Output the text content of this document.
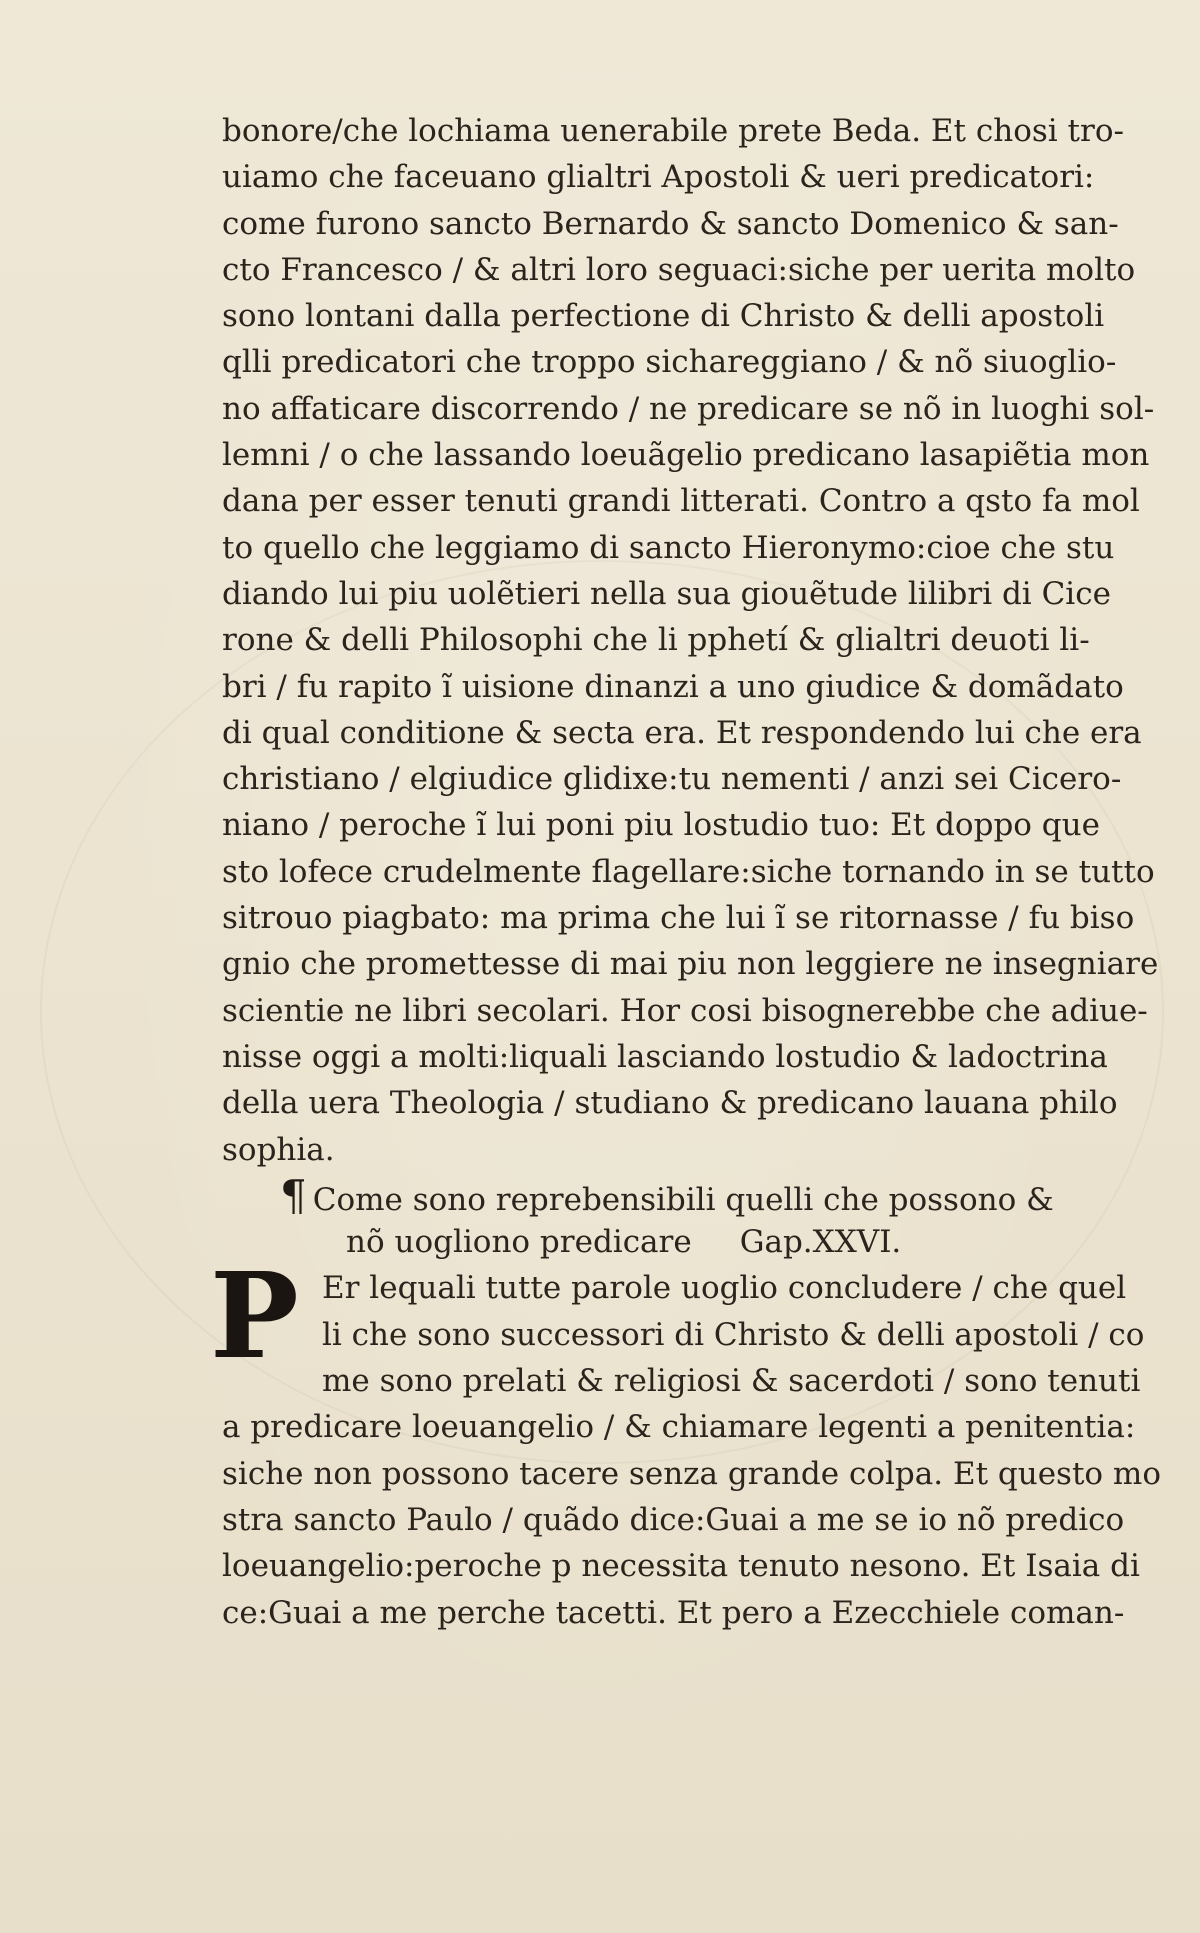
bonore/che lochiama uenerabile prete Beda. Et chosi tro-
uiamo che faceuano glialtri Apostoli & ueri predicatori:
come furono sancto Bernardo & sancto Domenico & san-
cto Francesco / & altri loro seguaci:siche per uerita molto
sono lontani dalla perfectione di Christo & delli apostoli
qlli predicatori che troppo sichareggiano / & nõ siuoglio-
no affaticare discorrendo / ne predicare se nõ in luoghi sol-
lemni / o che lassando loeuãgelio predicano lasapiẽtia mon
dana per esser tenuti grandi litterati. Contro a qsto fa mol
to quello che leggiamo di sancto Hieronymo:cioe che stu
diando lui piu uolẽtieri nella sua giouẽtude lilibri di Cice
rone & delli Philosophi che li pphetí & glialtri deuoti li-
bri / fu rapito ĩ uisione dinanzi a uno giudice & domãdato
di qual conditione & secta era. Et respondendo lui che era
christiano / elgiudice glidixe:tu nementi / anzi sei Cicero-
niano / peroche ĩ lui poni piu lostudio tuo: Et doppo que
sto lofece crudelmente flagellare:siche tornando in se tutto
sitrouo piagbato: ma prima che lui ĩ se ritornasse / fu biso
gnio che promettesse di mai piu non leggiere ne insegniare
scientie ne libri secolari. Hor cosi bisognerebbe che adiue-
nisse oggi a molti:liquali lasciando lostudio & ladoctrina
della uera Theologia / studiano & predicano lauana philo
sophia.
¶ Come sono reprebensibili quelli che possono &
nõ uogliono predicare Gap.XXVI.
P Er lequali tutte parole uoglio concludere / che quel
li che sono successori di Christo & delli apostoli / co
me sono prelati & religiosi & sacerdoti / sono tenuti
a predicare loeuangelio / & chiamare legenti a penitentia:
siche non possono tacere senza grande colpa. Et questo mo
stra sancto Paulo / quãdo dice:Guai a me se io nõ predico
loeuangelio:peroche p necessita tenuto nesono. Et Isaia di
ce:Guai a me perche tacetti. Et pero a Ezecchiele coman-
